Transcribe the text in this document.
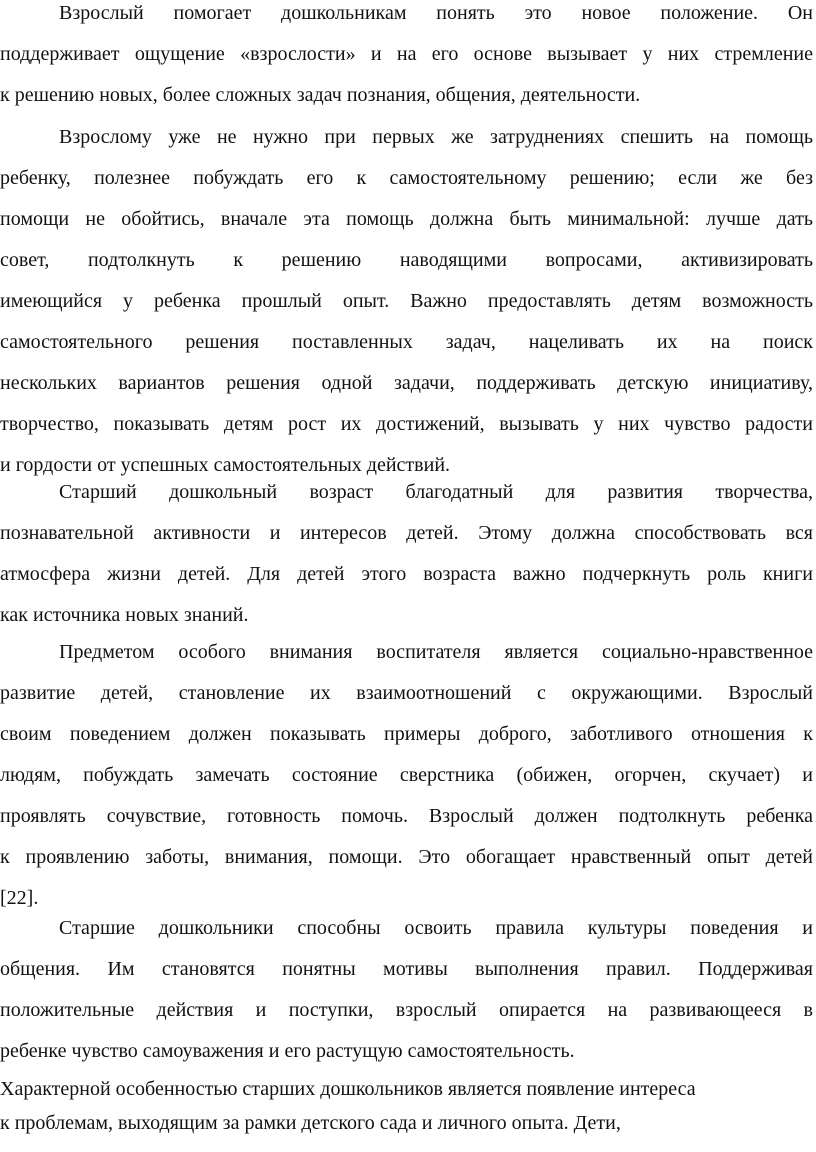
Взрослый помогает дошкольникам понять это новое положение. Он
поддерживает ощущение «взрослости» и на его основе вызывает у них стремление
к решению новых, более сложных задач познания, общения, деятельности.
Взрослому уже не нужно при первых же затруднениях спешить на помощь
ребенку, полезнее побуждать его к самостоятельному решению; если же без
помощи не обойтись, вначале эта помощь должна быть минимальной: лучше дать
совет, подтолкнуть к решению наводящими вопросами, активизировать
имеющийся у ребенка прошлый опыт. Важно предоставлять детям возможность
самостоятельного решения поставленных задач, нацеливать их на поиск
нескольких вариантов решения одной задачи, поддерживать детскую инициативу,
творчество, показывать детям рост их достижений, вызывать у них чувство радости
и гордости от успешных самостоятельных действий.
Старший дошкольный возраст благодатный для развития творчества,
познавательной активности и интересов детей. Этому должна способствовать вся
атмосфера жизни детей. Для детей этого возраста важно подчеркнуть роль книги
как источника новых знаний.
Предметом особого внимания воспитателя является социально-нравственное
развитие детей, становление их взаимоотношений с окружающими. Взрослый
своим поведением должен показывать примеры доброго, заботливого отношения к
людям, побуждать замечать состояние сверстника (обижен, огорчен, скучает) и
проявлять сочувствие, готовность помочь. Взрослый должен подтолкнуть ребенка
к проявлению заботы, внимания, помощи. Это обогащает нравственный опыт детей
[22].
Старшие дошкольники способны освоить правила культуры поведения и
общения. Им становятся понятны мотивы выполнения правил. Поддерживая
положительные действия и поступки, взрослый опирается на развивающееся в
ребенке чувство самоуважения и его растущую самостоятельность.
Характерной особенностью старших дошкольников является появление интереса
к проблемам, выходящим за рамки детского сада и личного опыта. Дети,
